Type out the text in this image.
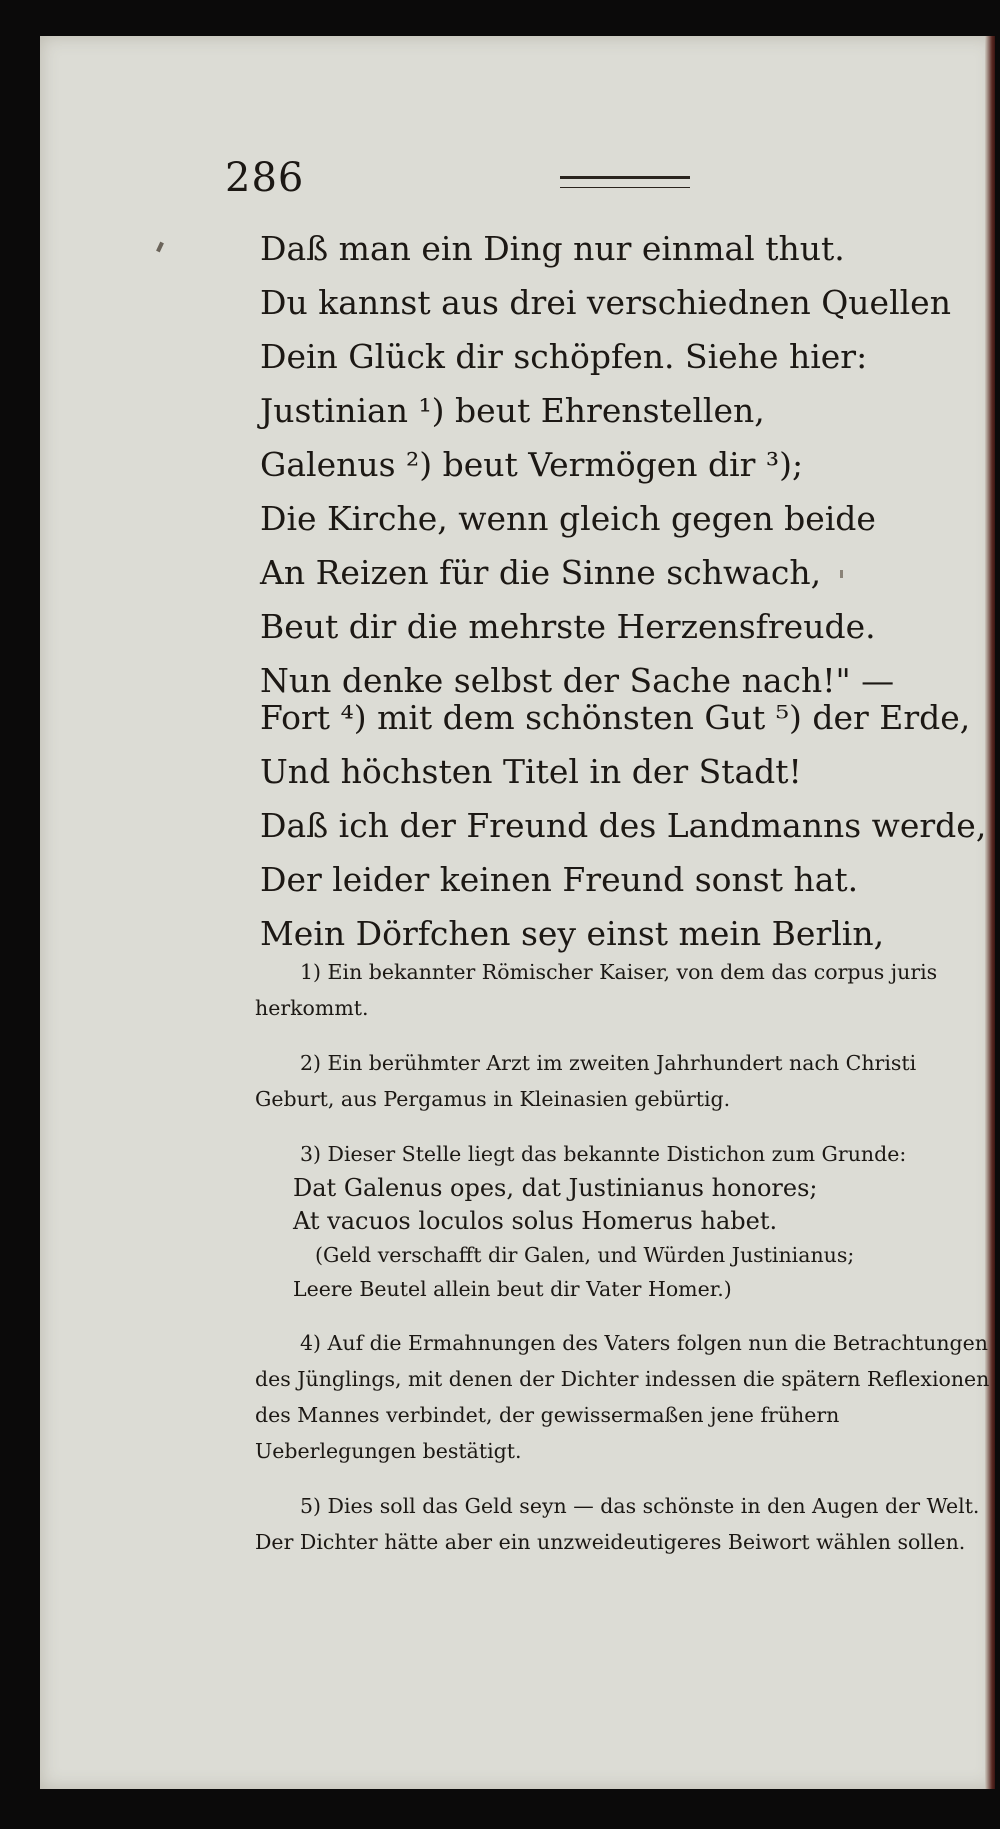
286
Daß man ein Ding nur einmal thut.
Du kannst aus drei verschiednen Quellen
Dein Glück dir schöpfen. Siehe hier:
Justinian ¹) beut Ehrenstellen,
Galenus ²) beut Vermögen dir ³);
Die Kirche, wenn gleich gegen beide
An Reizen für die Sinne schwach,
Beut dir die mehrste Herzensfreude.
Nun denke selbst der Sache nach!" —
Fort ⁴) mit dem schönsten Gut ⁵) der Erde,
Und höchsten Titel in der Stadt!
Daß ich der Freund des Landmanns werde,
Der leider keinen Freund sonst hat.
Mein Dörfchen sey einst mein Berlin,
1) Ein bekannter Römischer Kaiser, von dem das corpus juris herkommt.
2) Ein berühmter Arzt im zweiten Jahrhundert nach Christi Geburt, aus Pergamus in Kleinasien gebürtig.
3) Dieser Stelle liegt das bekannte Distichon zum Grunde:
Dat Galenus opes, dat Justinianus honores;
At vacuos loculos solus Homerus habet.
(Geld verschafft dir Galen, und Würden Justinianus;
Leere Beutel allein beut dir Vater Homer.)
4) Auf die Ermahnungen des Vaters folgen nun die Betrachtungen des Jünglings, mit denen der Dichter indessen die spätern Reflexionen des Mannes verbindet, der gewissermaßen jene frühern Ueberlegungen bestätigt.
5) Dies soll das Geld seyn — das schönste in den Augen der Welt. Der Dichter hätte aber ein unzweideutigeres Beiwort wählen sollen.
